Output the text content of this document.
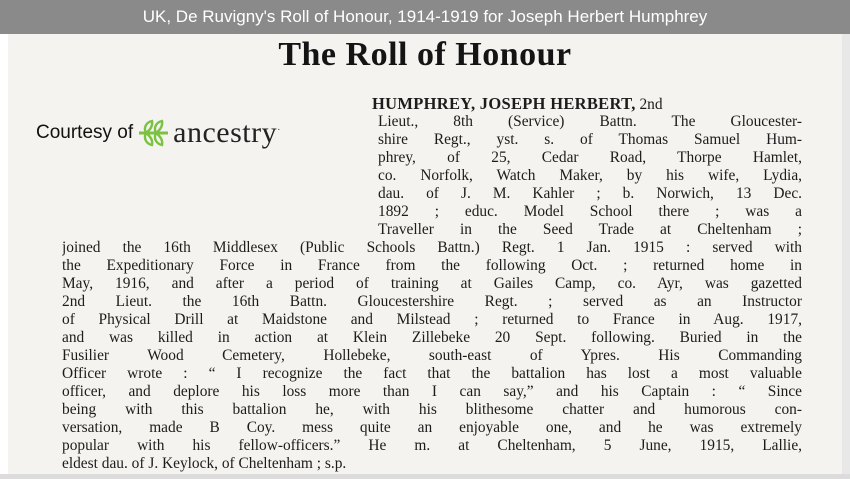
UK, De Ruvigny's Roll of Honour, 1914-1919 for Joseph Herbert Humphrey
The Roll of Honour
Courtesy of ancestry ·
HUMPHREY, JOSEPH HERBERT, 2nd
Lieut., 8th (Service) Battn. The Gloucester-
shire Regt., yst. s. of Thomas Samuel Hum-
phrey, of 25, Cedar Road, Thorpe Hamlet,
co. Norfolk, Watch Maker, by his wife, Lydia,
dau. of J. M. Kahler ; b. Norwich, 13 Dec.
1892 ; educ. Model School there ; was a
Traveller in the Seed Trade at Cheltenham ;
joined the 16th Middlesex (Public Schools Battn.) Regt. 1 Jan. 1915 : served with
the Expeditionary Force in France from the following Oct. ; returned home in
May, 1916, and after a period of training at Gailes Camp, co. Ayr, was gazetted
2nd Lieut. the 16th Battn. Gloucestershire Regt. ; served as an Instructor
of Physical Drill at Maidstone and Milstead ; returned to France in Aug. 1917,
and was killed in action at Klein Zillebeke 20 Sept. following. Buried in the
Fusilier Wood Cemetery, Hollebeke, south-east of Ypres. His Commanding
Officer wrote : “ I recognize the fact that the battalion has lost a most valuable
officer, and deplore his loss more than I can say,” and his Captain : “ Since
being with this battalion he, with his blithesome chatter and humorous con-
versation, made B Coy. mess quite an enjoyable one, and he was extremely
popular with his fellow-officers.” He m. at Cheltenham, 5 June, 1915, Lallie,
eldest dau. of J. Keylock, of Cheltenham ; s.p.
